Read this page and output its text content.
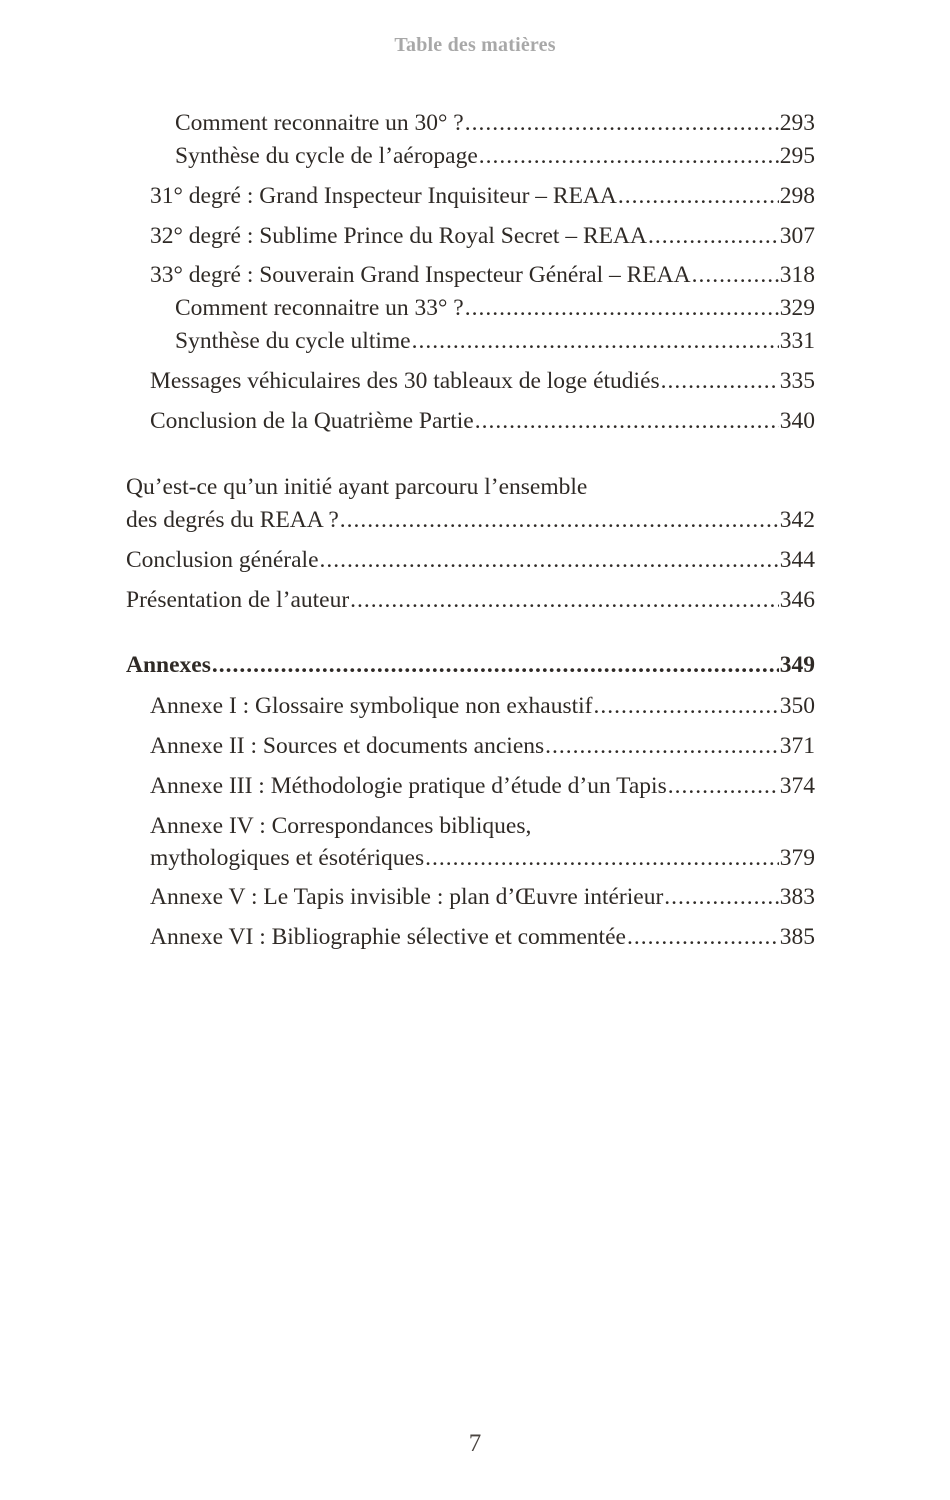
Table des matières
Comment reconnaitre un 30° ? .....	293
Synthèse du cycle de l’aéropage .....	295
31° degré : Grand Inspecteur Inquisiteur – REAA .....	298
32° degré : Sublime Prince du Royal Secret – REAA .....	307
33° degré : Souverain Grand Inspecteur Général – REAA .....	318
Comment reconnaitre un 33° ? .....	329
Synthèse du cycle ultime .....	331
Messages véhiculaires des 30 tableaux de loge étudiés .....	335
Conclusion de la Quatrième Partie .....	340
Qu’est-ce qu’un initié ayant parcouru l’ensemble
des degrés du REAA ? .....	342
Conclusion générale .....	344
Présentation de l’auteur .....	346
Annexes .....	349
Annexe I : Glossaire symbolique non exhaustif .....	350
Annexe II : Sources et documents anciens .....	371
Annexe III : Méthodologie pratique d’étude d’un Tapis .....	374
Annexe IV : Correspondances bibliques,
mythologiques et ésotériques .....	379
Annexe V : Le Tapis invisible : plan d’Œuvre intérieur .....	383
Annexe VI : Bibliographie sélective et commentée .....	385
7
